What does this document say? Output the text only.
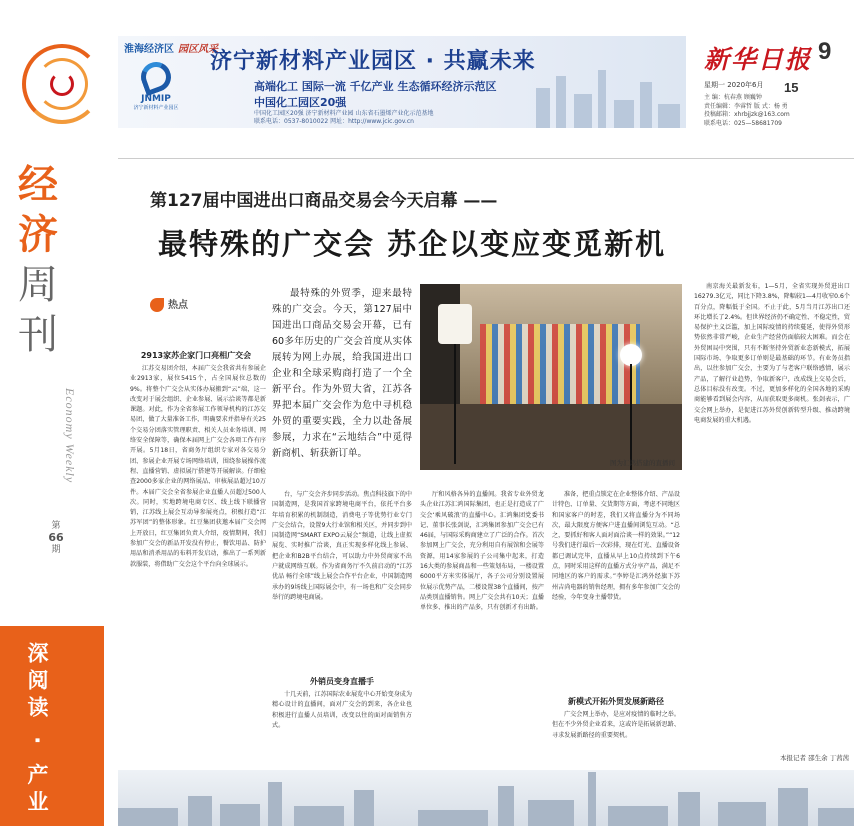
淮海经济区 园区风采
JNMIP
济宁新材料产业园区
济宁新材料产业园区 · 共赢未来
高端化工 国际一流 千亿产业 生态循环经济示范区
中国化工园区20强
中国化工园区20强 济宁新材料产业园 山东省石墨烯产业化示范基地
联系电话：0537-8010022 网址：http://www.jcic.gov.cn
新华日报 9
星期一 2020年6月	15
主 编：杭春燕 顾巍钟
责任编辑：李睿哲 版 式：杨 勇
投稿邮箱：xhrbjjzk@163.com
联系电话：025—58681709
经济
周刊
Economy Weekly
第
66
期
深阅读 · 产业
第127届中国进出口商品交易会今天启幕 ——
最特殊的广交会 苏企以变应变觅新机
热点

最特殊的外贸季，迎来最特殊的广交会。今天，第127届中国进出口商品交易会开幕，已有60多年历史的广交会首度从实体展转为网上办展，给我国进出口企业和全球采购商打造了一个全新平台。作为外贸大省，江苏各界把本届广交会作为危中寻机稳外贸的重要实践，全力以赴备展参展，力求在“云地结合”中觅得新商机、斩获新订单。

图为汇鸿搭建的直播间
2913家苏企家门口亮相广交会

江苏交易团介绍，本届广交会我省共有参展企业2913家，展位5415个，占全国展位总数的9%。将整个广交会从实体办展搬到“云”端，这一改变对于展会组织、企业参展、展示洽谈等都是新课题。对此，作为全省参展工作领导机构的江苏交易团，做了大量准备工作，明确要求并指导有关25个交易分团落实管理职责、相关人员业务培训、网络安全保障等，确保本届网上广交会各项工作有序开展。5月18日，省商务厅组织专家对各交易分团、参展企业开展专场网络培训，围绕参展操作流程、直播营销、虚拟展厅搭建等开展解读。仔细检查2000多家企业的网络展品、审核展品超过10万件。本届广交会全省参展企业直播人员超过500人次。同时，实地跨境电商专区、线上线下联播营销，江苏线上展会互动导参展亮点，积极打造“江苏军团”的整体形象。红豆集团获邀本届广交会网上开放日，红豆集团负责人介绍，疫情期间，我们参加广交会的新品开发没有停止，餐饮用品、防护用品和消杀用品的布料开发启动，推出了一系列新款服装，将借助广交会这个平台向全球展示。

台，与广交会齐步同步活动。焦点科技旗下的中国制造网，是我国首家跨境电商平台，依托平台多年培育积累的机制制造，消费电子等优势行业专门广交会结合，设置9大行业馆和相关区，并同步到中国制造网“SMART EXPO云展会”频道，让线上虚拟展览、实时推广洽谈，真正实现多样化线上参展、把企业和B2B平台结合，可以助力中外贸商家不出户就成网络互联。作为省商务厅不久前启动的“江苏优品 畅行全球”线上展会合作平台企业，中国制造网承办的9场线上国际展会中，有一场也和广交会同步举行的跨境电商展。

外销员变身直播手

十几天前，江苏国际农业展览中心开始变身成为精心设计的直播间，面对广交会的到来，各企业也积极进行直播人员培训，改变以往的面对面销售方式。

厅和风格各异的直播间。我省专业外贸龙头企业江苏汇鸿国际集团，也正是打造成了广交会‘乘风破浪’的直播中心。汇鸿集团党委书记、董事长张剑说，汇鸿集团参加广交会已有46届，与国际采购商建立了广泛的合作。首次参加网上广交会，充分利用自有展馆和会展等资源，用14家参展的子公司集中起来，打造16大类的参展商品和一些策划布局，一楼设置6000平方米实体展厅，各子公司分别设置展位展示优势产品，二楼设置38个直播间，按产品类别直播销售。网上广交会共有10天；直播单位多、推出的产品多，只有创新才有出路。

准备，把重点锁定在企业整体介绍、产品设计特色、订单量、交货期等方面，考虑不同地区和国家客户的时差，我们又将直播分为不同场次，最大限度方便客户进直播间浏览互动。“总之，要抓好和客人面对面洽谈一样的效果。”“12号我们进行最后一次彩排，现在灯光、直播设备都已调试完毕，直播从早上10点持续到下午6点，同时采用这样的直播方式分享产品，满足不同地区的客户的需求。”李婷是汇鸿外经旗下苏州吉尚电器的销售经理，拥有多年参加广交会的经验，今年变身主播带货。

新模式开拓外贸发展新路径

广交会网上举办，是应对疫情的临时之举。但在不少外贸企业看来，这或许是拓展新思路、寻求发展新路径的重要契机。

南京海关最新发布，1—5月，全省实现外贸进出口16279.3亿元，同比下降3.8%，降幅较1—4月收窄0.6个百分点，降幅低于全国。不止于此，5月当月江苏出口还环比增长了2.4%。但世界经济仍不确定性、不稳定性，贸易保护主义泛滥，加上国际疫情的持续蔓延，使得外贸形势依然非常严峻，企业生产经营仍面临较大困难。而会在外贸困局中突围，只有不断坚持外贸新业态新模式，拓展国际市场、争取更多订单则是最基础的环节。有业务员指出，以往参加广交会，主要为了与老客户联络感情，展示产品，了解行业趋势，争取新客户，改成线上交易会后，总体目标没有改变。不过，更加多样化的全国各地的采购商能够看到展会内容，从而获取更多商机。张剑表示，广交会网上举办，是促进江苏外贸创新转型升级、推动跨境电商发展的重大机遇。

本报记者 邵生余 丁茜茜
